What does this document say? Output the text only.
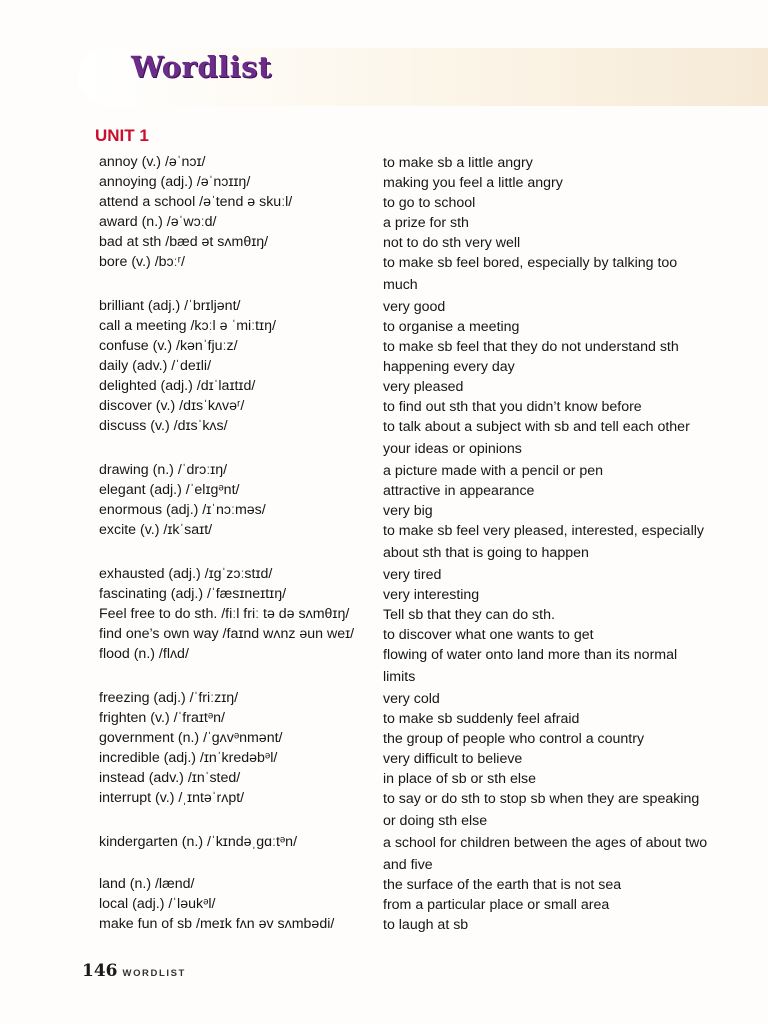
Wordlist
UNIT 1
annoy (v.) /əˈnɔɪ/	to make sb a little angry
annoying (adj.) /əˈnɔɪɪŋ/	making you feel a little angry
attend a school /əˈtend ə skuːl/	to go to school
award (n.) /əˈwɔːd/	a prize for sth
bad at sth /bæd ət sʌmθɪŋ/	not to do sth very well
bore (v.) /bɔːʳ/	to make sb feel bored, especially by talking too much
brilliant (adj.) /ˈbrɪljənt/	very good
call a meeting /kɔːl ə ˈmiːtɪŋ/	to organise a meeting
confuse (v.) /kənˈfjuːz/	to make sb feel that they do not understand sth
daily (adv.) /ˈdeɪli/	happening every day
delighted (adj.) /dɪˈlaɪtɪd/	very pleased
discover (v.) /dɪsˈkʌvəʳ/	to find out sth that you didn’t know before
discuss (v.) /dɪsˈkʌs/	to talk about a subject with sb and tell each other your ideas or opinions
drawing (n.) /ˈdrɔːɪŋ/	a picture made with a pencil or pen
elegant (adj.) /ˈelɪgᵊnt/	attractive in appearance
enormous (adj.) /ɪˈnɔːməs/	very big
excite (v.) /ɪkˈsaɪt/	to make sb feel very pleased, interested, especially about sth that is going to happen
exhausted (adj.) /ɪgˈzɔːstɪd/	very tired
fascinating (adj.) /ˈfæsɪneɪtɪŋ/	very interesting
Feel free to do sth. /fiːl friː tə də sʌmθɪŋ/ Tell sb that they can do sth.
find one’s own way /faɪnd wʌnz əun weɪ/ to discover what one wants to get
flood (n.) /flʌd/	flowing of water onto land more than its normal limits
freezing (adj.) /ˈfriːzɪŋ/	very cold
frighten (v.) /ˈfraɪtᵊn/	to make sb suddenly feel afraid
government (n.) /ˈgʌvᵊnmənt/	the group of people who control a country
incredible (adj.) /ɪnˈkredəbᵊl/	very difficult to believe
instead (adv.) /ɪnˈsted/	in place of sb or sth else
interrupt (v.) /ˌɪntəˈrʌpt/	to say or do sth to stop sb when they are speaking or doing sth else
kindergarten (n.) /ˈkɪndəˌgɑːtᵊn/	a school for children between the ages of about two and five
land (n.) /lænd/	the surface of the earth that is not sea
local (adj.) /ˈləukᵊl/	from a particular place or small area
make fun of sb /meɪk fʌn əv sʌmbədi/	to laugh at sb
146 WORDLIST
